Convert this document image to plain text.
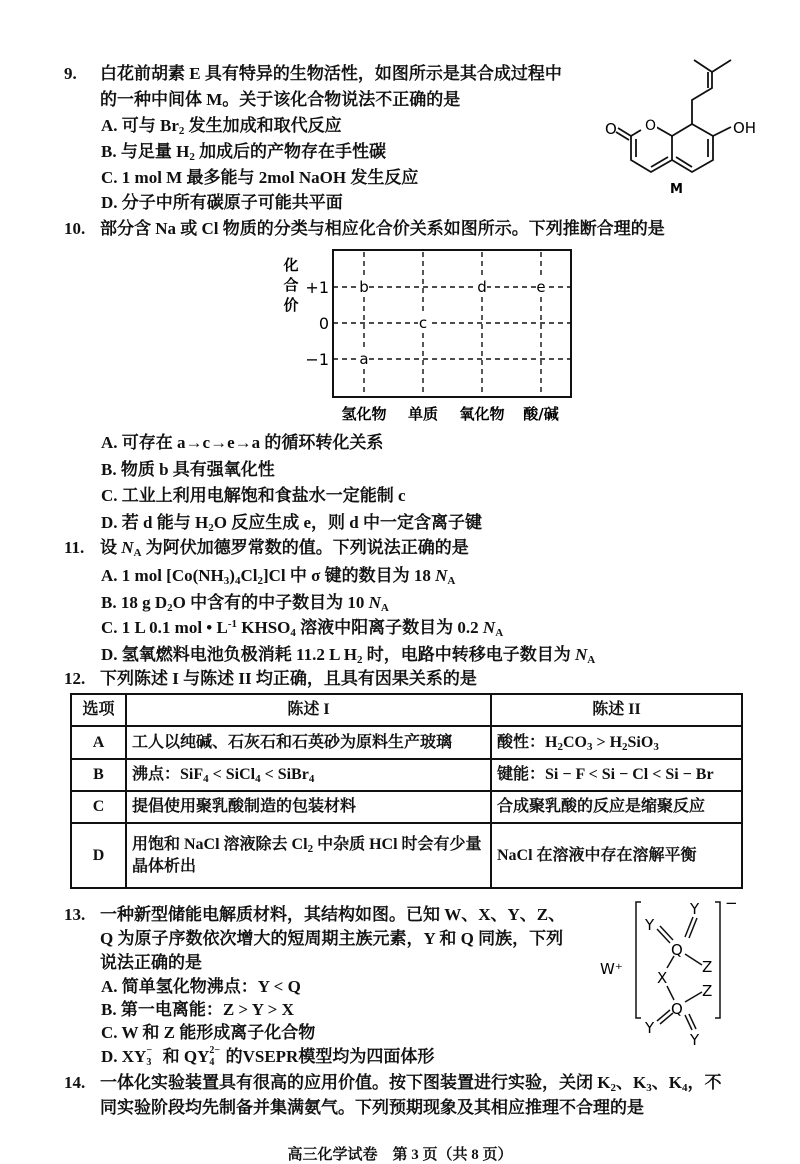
9. 白花前胡素 E 具有特异的生物活性，如图所示是其合成过程中
的一种中间体 M。关于该化合物说法不正确的是
A. 可与 $Br_2$ 发生加成和取代反应
B. 与足量 $H_2$ 加成后的产物存在手性碳
C. 1 mol M 最多能与 2mol NaOH 发生反应
D. 分子中所有碳原子可能共平面
O O	OH
M
10. 部分含 Na 或 Cl 物质的分类与相应化合价关系如图所示。下列推断合理的是
氢化物 单质 氧化物 酸/碱
+1
0
−1
化
合
价
a
b
c
d	e
A. 可存在 a→c→e→a 的循环转化关系
B. 物质 b 具有强氧化性
C. 工业上利用电解饱和食盐水一定能制 c
D. 若 d 能与 $H_2O$ 反应生成 e，则 d 中一定含离子键
11. 设 $N_A$ 为阿伏加德罗常数的值。下列说法正确的是
A. 1 mol $[Co(NH_3)_4Cl_2]Cl$ 中 σ 键的数目为 18 $N_A$
B. 18 g $D_2O$ 中含有的中子数目为 10 $N_A$
C. 1 L 0.1 mol • $L^{-1}$ $KHSO_4$ 溶液中阳离子数目为 0.2 $N_A$
D. 氢氧燃料电池负极消耗 11.2 L $H_2$ 时，电路中转移电子数目为 $N_A$
12. 下列陈述 I 与陈述 II 均正确，且具有因果关系的是
选项	陈述 I	陈述 II
A	工人以纯碱、石灰石和石英砂为原料生产玻璃	酸性：$H_2CO_3 > H_2SiO_3$
B	沸点：SiF$_4$ < SiCl$_4$ < SiBr$_4$	键能：Si − F < Si − Cl < Si − Br
C	提倡使用聚乳酸制造的包装材料	合成聚乳酸的反应是缩聚反应
D	用饱和 NaCl 溶液除去 $Cl_2$ 中杂质 HCl 时会有少量晶体析出	NaCl 在溶液中存在溶解平衡
13. 一种新型储能电解质材料，其结构如图。已知 W、X、Y、Z、
Q 为原子序数依次增大的短周期主族元素，Y 和 Q 同族，下列
说法正确的是
A. 简单氢化物沸点：Y < Q
B. 第一电离能：Z > Y > X
C. W 和 Z 能形成离子化合物
D. XY −
3 和 QY 2−
4 的VSEPR模型均为四面体形
W⁺
−
Y
Y
Q
Z
X
Z
Q
Y
Y
14. 一体化实验装置具有很高的应用价值。按下图装置进行实验，关闭 $K_2$、$K_3$、$K_4$，不
同实验阶段均先制备并集满氨气。下列预期现象及其相应推理不合理的是
高三化学试卷　第 3 页（共 8 页）
